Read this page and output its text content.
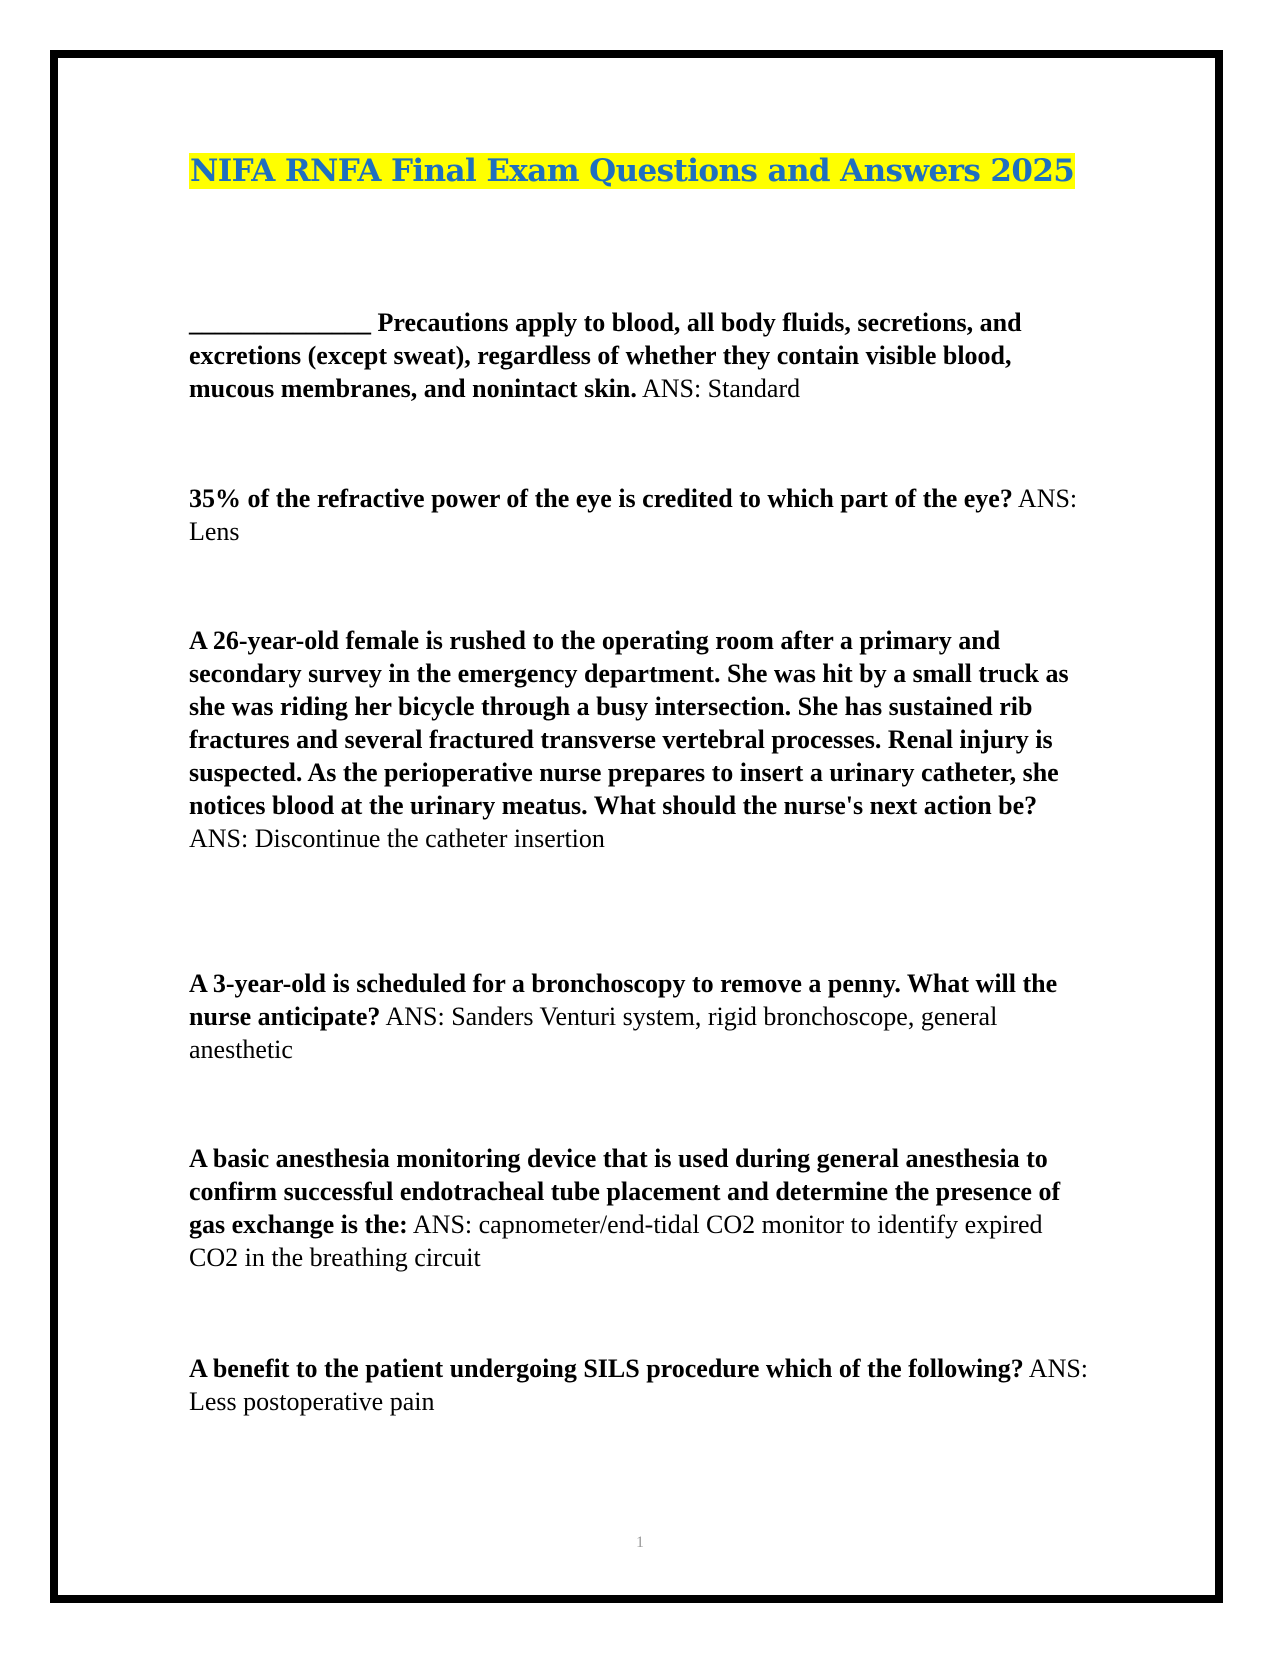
NIFA RNFA Final Exam Questions and Answers 2025
______________ Precautions apply to blood, all body fluids, secretions, and excretions (except sweat), regardless of whether they contain visible blood, mucous membranes, and nonintact skin. ANS: Standard
35% of the refractive power of the eye is credited to which part of the eye? ANS: Lens
A 26-year-old female is rushed to the operating room after a primary and secondary survey in the emergency department. She was hit by a small truck as she was riding her bicycle through a busy intersection. She has sustained rib fractures and several fractured transverse vertebral processes. Renal injury is suspected. As the perioperative nurse prepares to insert a urinary catheter, she notices blood at the urinary meatus. What should the nurse's next action be? ANS: Discontinue the catheter insertion
A 3-year-old is scheduled for a bronchoscopy to remove a penny. What will the nurse anticipate? ANS: Sanders Venturi system, rigid bronchoscope, general anesthetic
A basic anesthesia monitoring device that is used during general anesthesia to confirm successful endotracheal tube placement and determine the presence of gas exchange is the: ANS: capnometer/end-tidal CO2 monitor to identify expired CO2 in the breathing circuit
A benefit to the patient undergoing SILS procedure which of the following? ANS: Less postoperative pain
1
